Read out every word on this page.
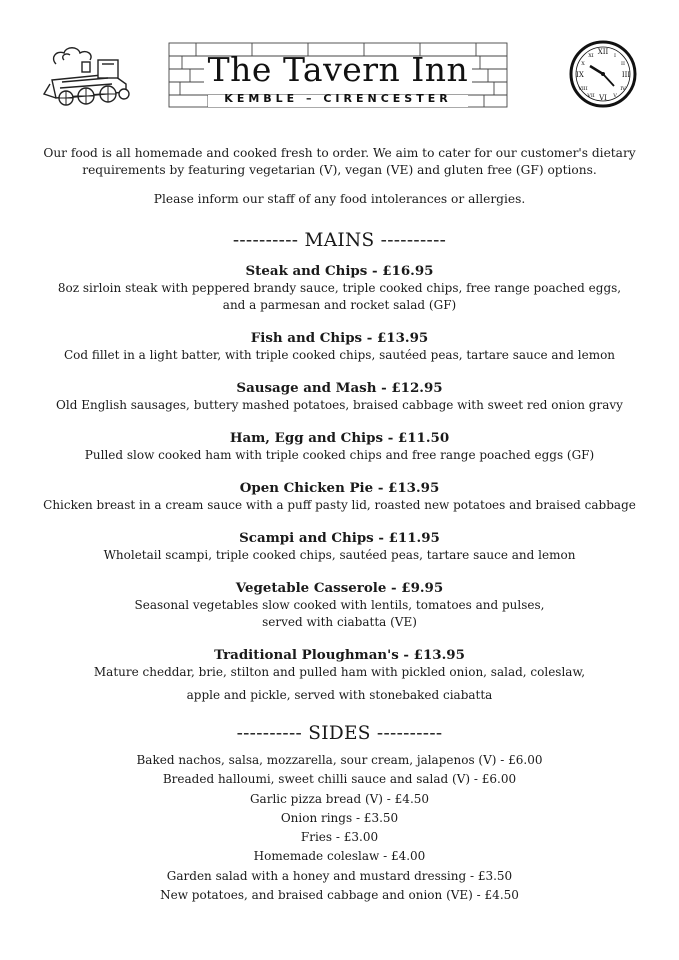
The Tavern Inn
KEMBLE – CIRENCESTER
XII
III
VI
IX
I
II
IV
V
VII
VIII
X
XI
Our food is all homemade and cooked fresh to order. We aim to cater for our customer's dietary
requirements by featuring vegetarian (V), vegan (VE) and gluten free (GF) options.
Please inform our staff of any food intolerances or allergies.
---------- MAINS ----------
Steak and Chips - £16.95
8oz sirloin steak with peppered brandy sauce, triple cooked chips, free range poached eggs,
and a parmesan and rocket salad (GF)
Fish and Chips - £13.95
Cod fillet in a light batter, with triple cooked chips, sautéed peas, tartare sauce and lemon
Sausage and Mash - £12.95
Old English sausages, buttery mashed potatoes, braised cabbage with sweet red onion gravy
Ham, Egg and Chips - £11.50
Pulled slow cooked ham with triple cooked chips and free range poached eggs (GF)
Open Chicken Pie - £13.95
Chicken breast in a cream sauce with a puff pasty lid, roasted new potatoes and braised cabbage
Scampi and Chips - £11.95
Wholetail scampi, triple cooked chips, sautéed peas, tartare sauce and lemon
Vegetable Casserole - £9.95
Seasonal vegetables slow cooked with lentils, tomatoes and pulses,
served with ciabatta (VE)
Traditional Ploughman's - £13.95
Mature cheddar, brie, stilton and pulled ham with pickled onion, salad, coleslaw,
apple and pickle, served with stonebaked ciabatta
---------- SIDES ----------
Baked nachos, salsa, mozzarella, sour cream, jalapenos (V) - £6.00
Breaded halloumi, sweet chilli sauce and salad (V) - £6.00
Garlic pizza bread (V) - £4.50
Onion rings - £3.50
Fries - £3.00
Homemade coleslaw - £4.00
Garden salad with a honey and mustard dressing - £3.50
New potatoes, and braised cabbage and onion (VE) - £4.50
